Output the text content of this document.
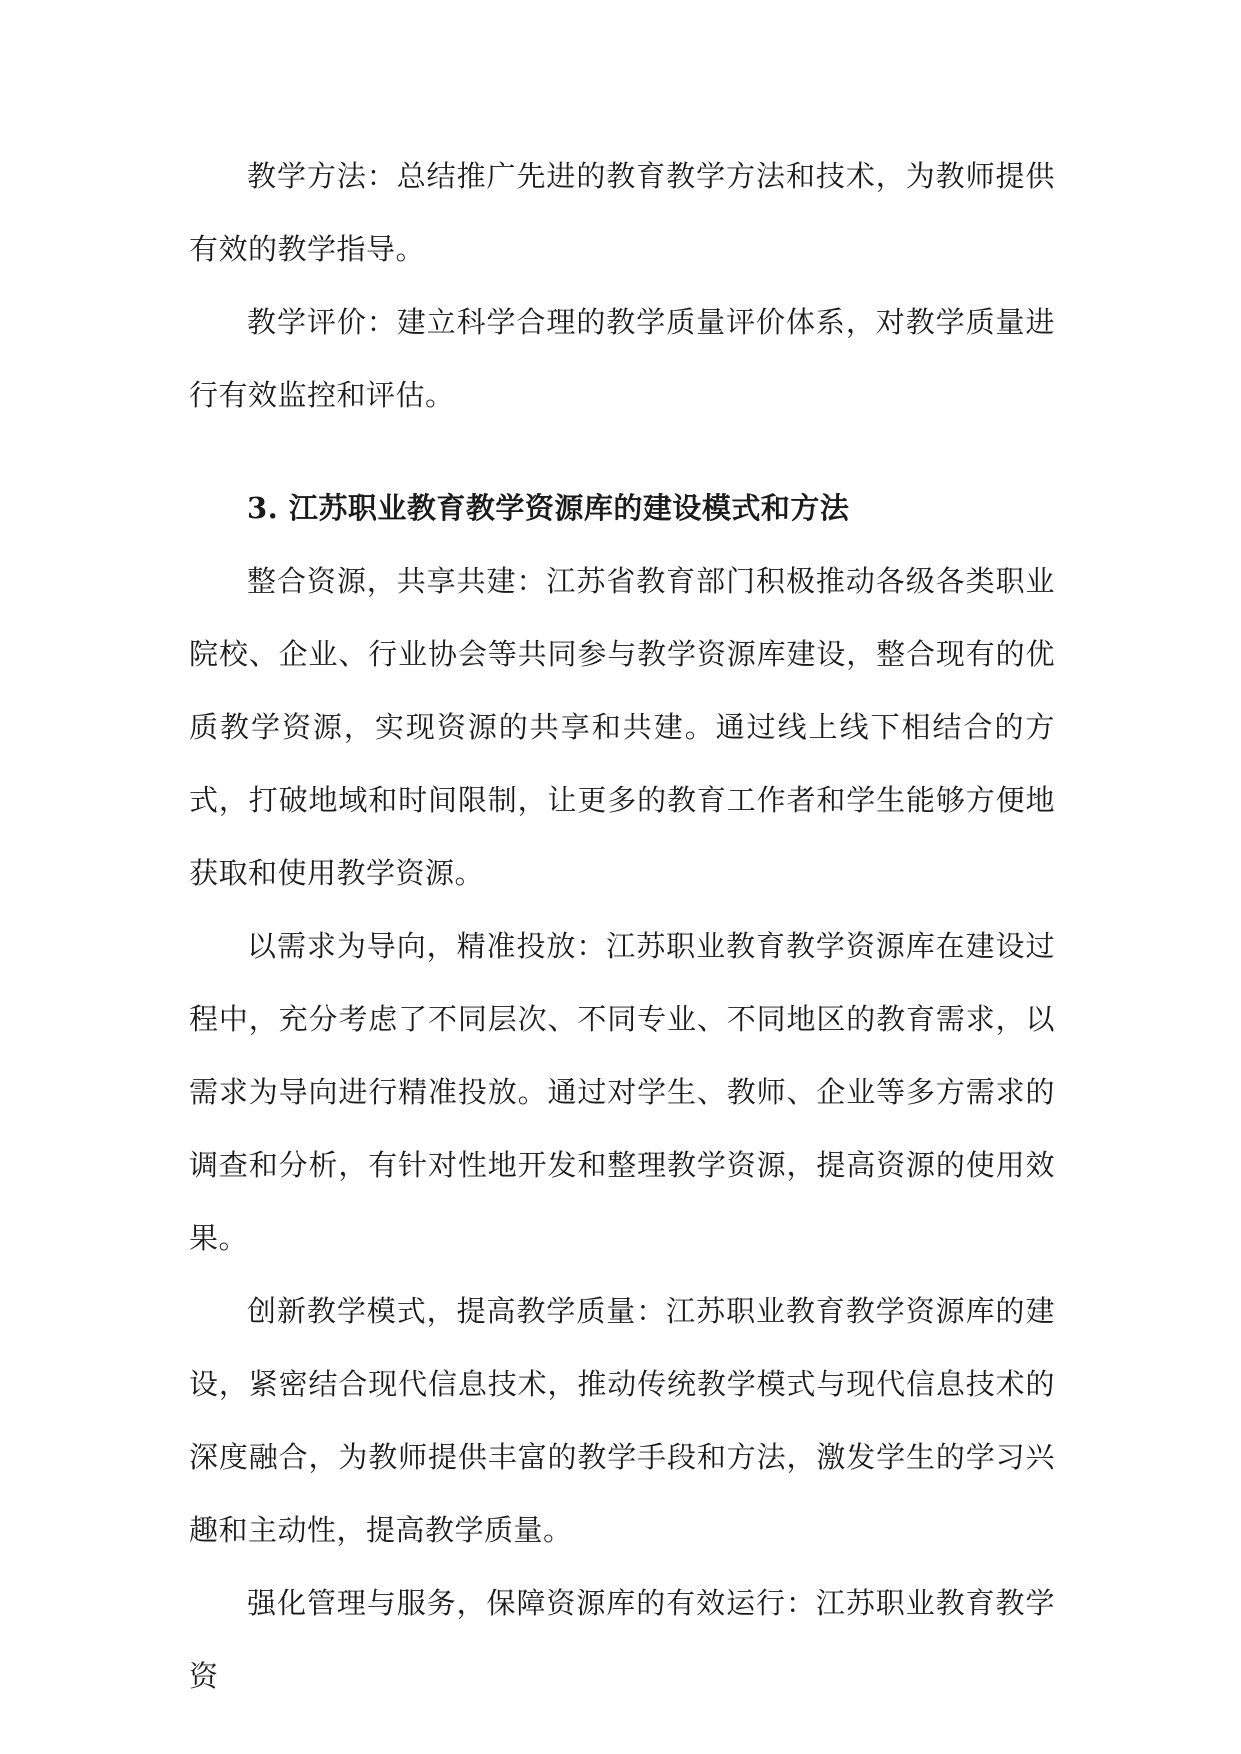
教学方法：总结推广先进的教育教学方法和技术，为教师提供有效的教学指导。

教学评价：建立科学合理的教学质量评价体系，对教学质量进行有效监控和评估。

3. 江苏职业教育教学资源库的建设模式和方法

整合资源，共享共建：江苏省教育部门积极推动各级各类职业院校、企业、行业协会等共同参与教学资源库建设，整合现有的优质教学资源，实现资源的共享和共建。通过线上线下相结合的方式，打破地域和时间限制，让更多的教育工作者和学生能够方便地获取和使用教学资源。

以需求为导向，精准投放：江苏职业教育教学资源库在建设过程中，充分考虑了不同层次、不同专业、不同地区的教育需求，以需求为导向进行精准投放。通过对学生、教师、企业等多方需求的调查和分析，有针对性地开发和整理教学资源，提高资源的使用效果。

创新教学模式，提高教学质量：江苏职业教育教学资源库的建设，紧密结合现代信息技术，推动传统教学模式与现代信息技术的深度融合，为教师提供丰富的教学手段和方法，激发学生的学习兴趣和主动性，提高教学质量。

强化管理与服务，保障资源库的有效运行：江苏职业教育教学资
